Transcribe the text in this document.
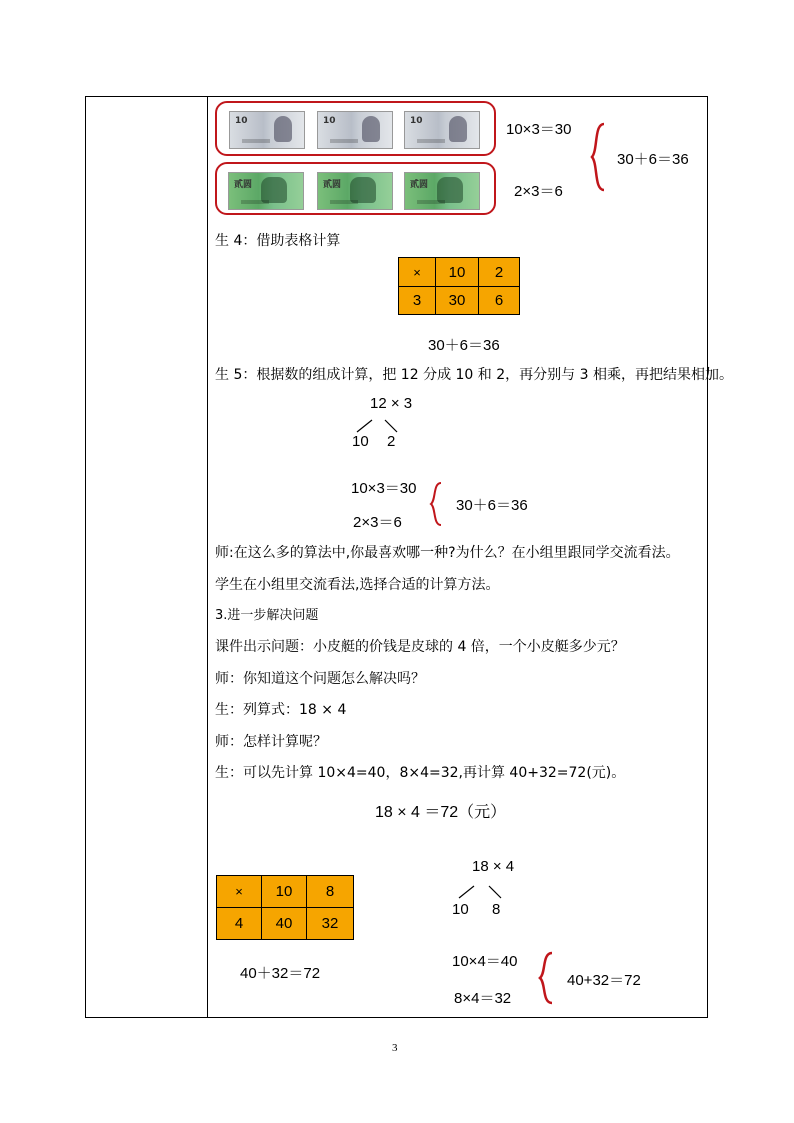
10	10	10
贰圆	贰圆	贰圆
10×3＝30
2×3＝6
30＋6＝36
生 4：借助表格计算
×	10	2
3	30	6
30＋6＝36
生 5：根据数的组成计算，把 12 分成 10 和 2，再分别与 3 相乘，再把结果相加。
12 × 3
10 2
10×3＝30
2×3＝6
30＋6＝36
师:在这么多的算法中,你最喜欢哪一种?为什么？在小组里跟同学交流看法。
学生在小组里交流看法,选择合适的计算方法。
3.进一步解决问题
课件出示问题：小皮艇的价钱是皮球的 4 倍，一个小皮艇多少元？
师：你知道这个问题怎么解决吗？
生：列算式：18 × 4
师：怎样计算呢？
生：可以先计算 10×4=40，8×4=32,再计算 40+32=72(元)。
18 × 4 ＝72（元）
×	10	8
4	40	32
40＋32＝72
18 × 4
10 8
10×4＝40
8×4＝32
40+32＝72
3
